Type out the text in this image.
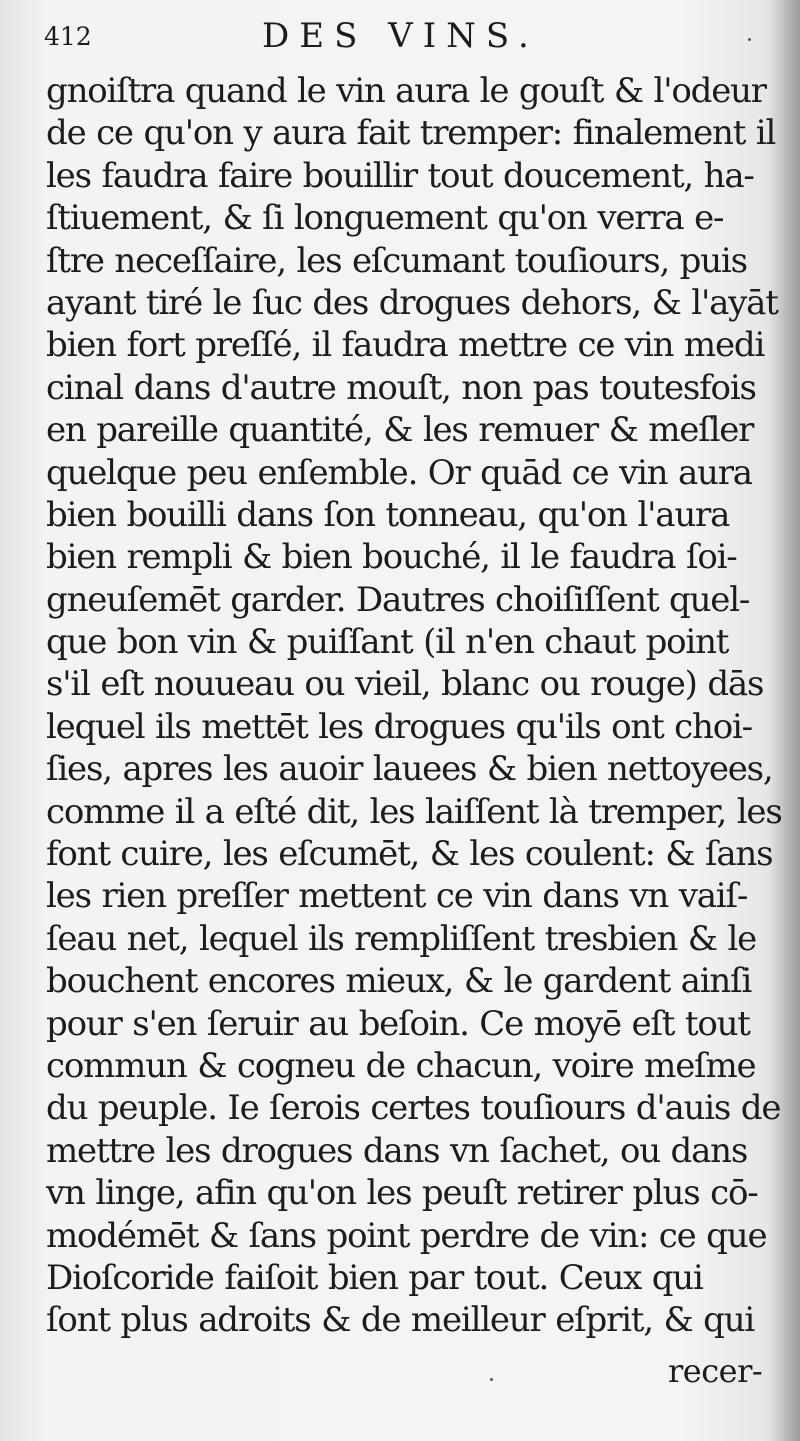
412	DES VINS.
gnoiſtra quand le vin aura le gouſt & l'odeur
de ce qu'on y aura fait tremper: finalement il
les faudra faire bouillir tout doucement, ha-
ſtiuement, & ſi longuement qu'on verra e-
ſtre neceſſaire, les eſcumant touſiours, puis
ayant tiré le ſuc des drogues dehors, & l'ayāt
bien fort preſſé, il faudra mettre ce vin medi
cinal dans d'autre mouſt, non pas toutesfois
en pareille quantité, & les remuer & meſler
quelque peu enſemble. Or quād ce vin aura
bien bouilli dans ſon tonneau, qu'on l'aura
bien rempli & bien bouché, il le faudra ſoi-
gneuſemēt garder. Dautres choiſiſſent quel-
que bon vin & puiſſant (il n'en chaut point
s'il eſt nouueau ou vieil, blanc ou rouge) dās
lequel ils mettēt les drogues qu'ils ont choi-
ſies, apres les auoir lauees & bien nettoyees,
comme il a eſté dit, les laiſſent là tremper, les
font cuire, les eſcumēt, & les coulent: & ſans
les rien preſſer mettent ce vin dans vn vaiſ-
ſeau net, lequel ils rempliſſent tresbien & le
bouchent encores mieux, & le gardent ainſi
pour s'en ſeruir au beſoin. Ce moyē eſt tout
commun & cogneu de chacun, voire meſme
du peuple. Ie ſerois certes touſiours d'auis de
mettre les drogues dans vn ſachet, ou dans
vn linge, afin qu'on les peuſt retirer plus cō-
modémēt & ſans point perdre de vin: ce que
Dioſcoride faiſoit bien par tout. Ceux qui
ſont plus adroits & de meilleur eſprit, & qui
recer-
